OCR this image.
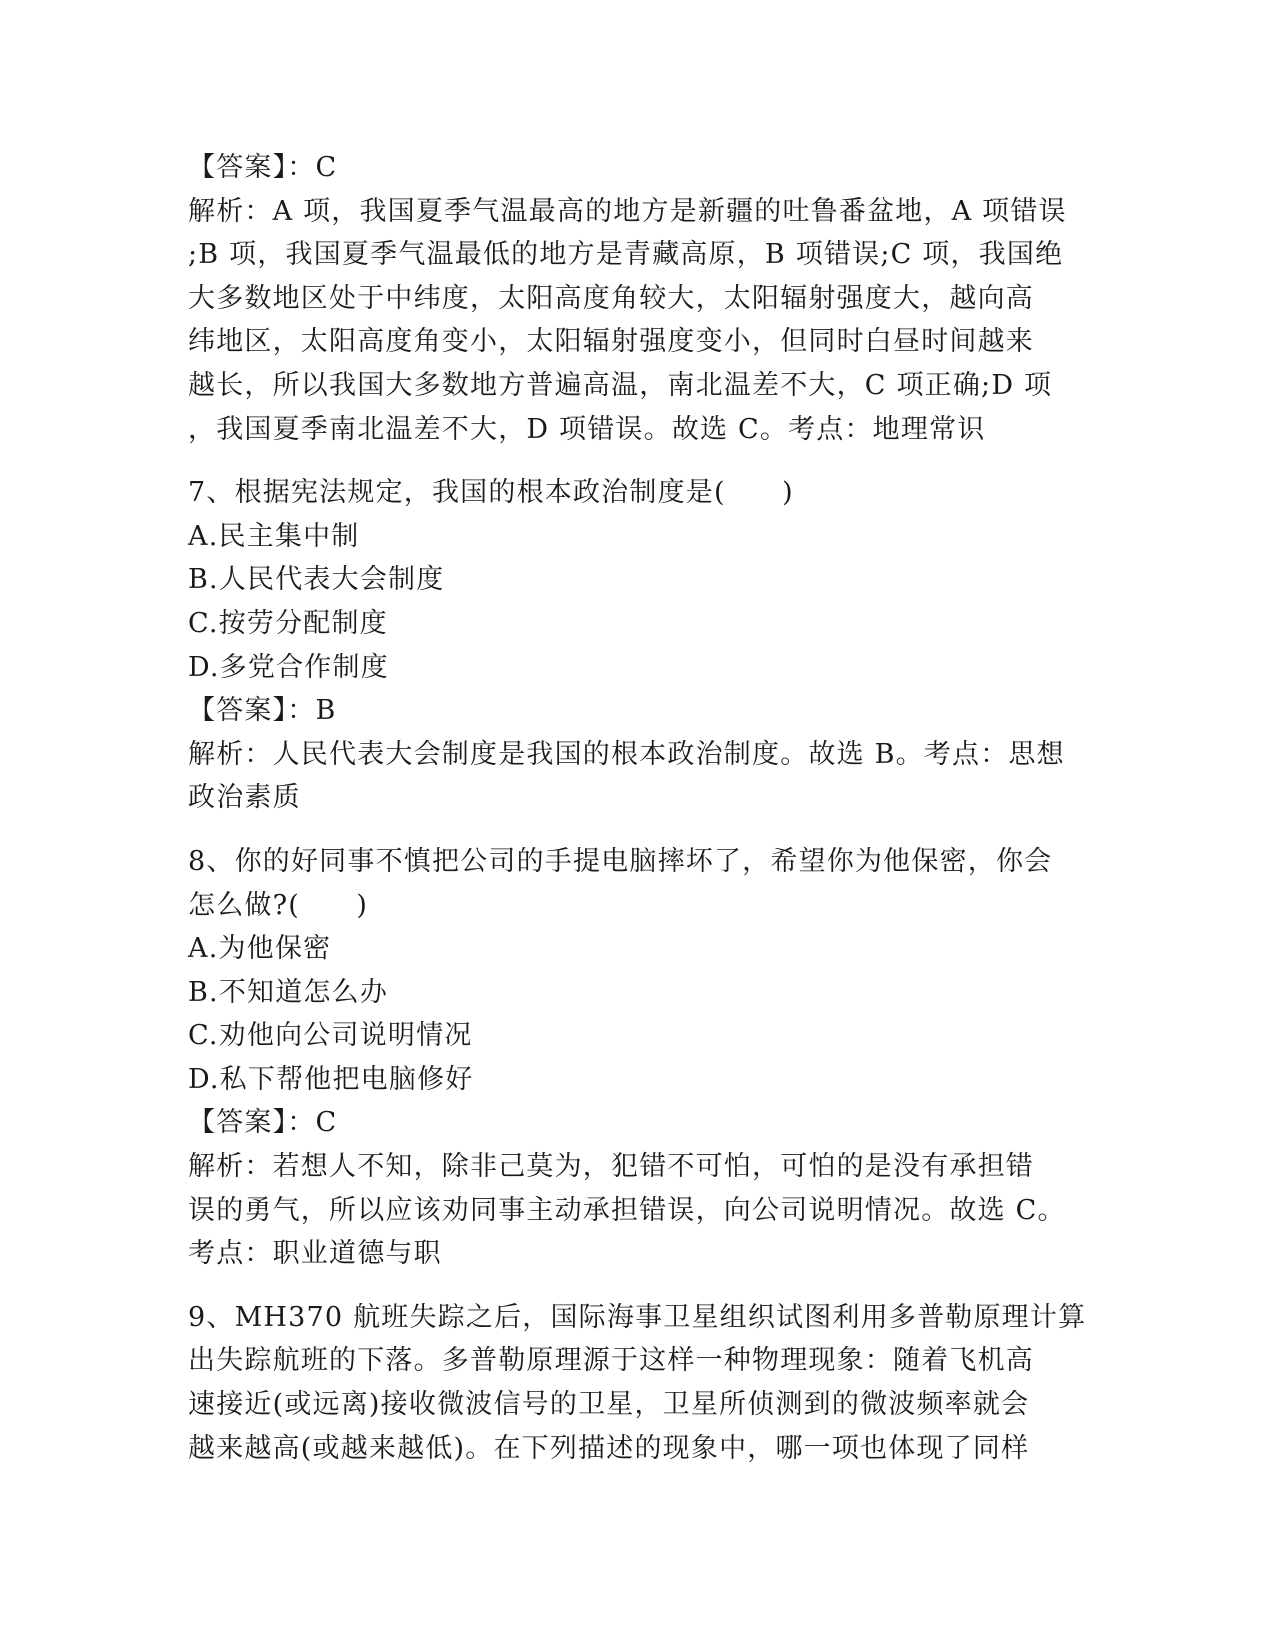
【答案】：C
解析：A 项，我国夏季气温最高的地方是新疆的吐鲁番盆地，A 项错误
;B 项，我国夏季气温最低的地方是青藏高原，B 项错误;C 项，我国绝
大多数地区处于中纬度，太阳高度角较大，太阳辐射强度大，越向高
纬地区，太阳高度角变小，太阳辐射强度变小，但同时白昼时间越来
越长，所以我国大多数地方普遍高温，南北温差不大，C 项正确;D 项
，我国夏季南北温差不大，D 项错误。故选 C。考点：地理常识
7、根据宪法规定，我国的根本政治制度是(　　)
A.民主集中制
B.人民代表大会制度
C.按劳分配制度
D.多党合作制度
【答案】：B
解析：人民代表大会制度是我国的根本政治制度。故选 B。考点：思想
政治素质
8、你的好同事不慎把公司的手提电脑摔坏了，希望你为他保密，你会
怎么做?(　　)
A.为他保密
B.不知道怎么办
C.劝他向公司说明情况
D.私下帮他把电脑修好
【答案】：C
解析：若想人不知，除非己莫为，犯错不可怕，可怕的是没有承担错
误的勇气，所以应该劝同事主动承担错误，向公司说明情况。故选 C。
考点：职业道德与职
9、MH370 航班失踪之后，国际海事卫星组织试图利用多普勒原理计算
出失踪航班的下落。多普勒原理源于这样一种物理现象：随着飞机高
速接近(或远离)接收微波信号的卫星，卫星所侦测到的微波频率就会
越来越高(或越来越低)。在下列描述的现象中，哪一项也体现了同样
